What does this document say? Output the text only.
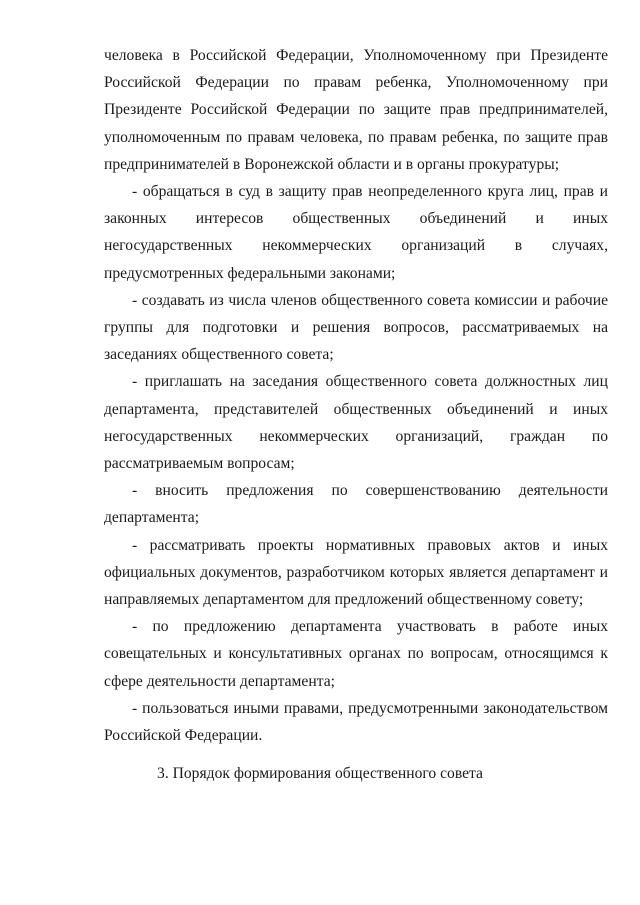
человека в Российской Федерации, Уполномоченному при Президенте Российской Федерации по правам ребенка, Уполномоченному при Президенте Российской Федерации по защите прав предпринимателей, уполномоченным по правам человека, по правам ребенка, по защите прав предпринимателей в Воронежской области и в органы прокуратуры;

- обращаться в суд в защиту прав неопределенного круга лиц, прав и законных интересов общественных объединений и иных негосударственных некоммерческих организаций в случаях, предусмотренных федеральными законами;

- создавать из числа членов общественного совета комиссии и рабочие группы для подготовки и решения вопросов, рассматриваемых на заседаниях общественного совета;

- приглашать на заседания общественного совета должностных лиц департамента, представителей общественных объединений и иных негосударственных некоммерческих организаций, граждан по рассматриваемым вопросам;

- вносить предложения по совершенствованию деятельности департамента;

- рассматривать проекты нормативных правовых актов и иных официальных документов, разработчиком которых является департамент и направляемых департаментом для предложений общественному совету;

- по предложению департамента участвовать в работе иных совещательных и консультативных органах по вопросам, относящимся к сфере деятельности департамента;

- пользоваться иными правами, предусмотренными законодательством Российской Федерации.

3. Порядок формирования общественного совета
